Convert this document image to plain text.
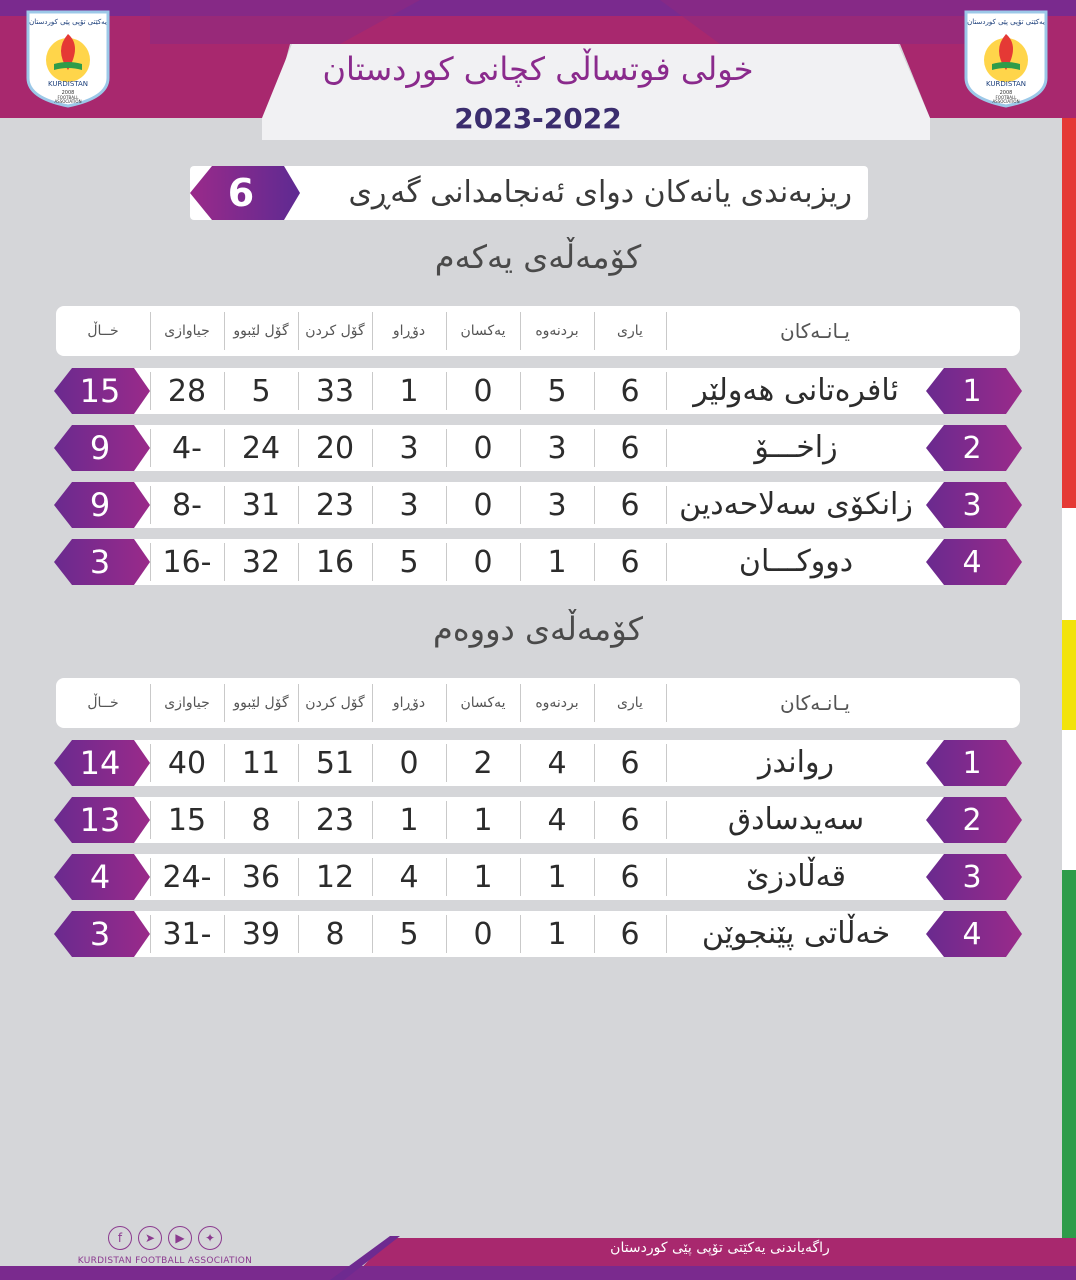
یەکێتی تۆپی پێی کوردستان
KURDISTAN
2008
FOOTBALL
ASSOCIATION
یەکێتی تۆپی پێی کوردستان
KURDISTAN
2008
FOOTBALL
ASSOCIATION
خولی فوتسالٚی کچانی کوردستان
2023-2022
6	ریزبەندی یانەکان دوای ئەنجامدانی گەڕی
کۆمەڵەی یەکەم
خــاڵ	جیاوازی	گۆل لێبوو	گۆل کردن	دۆڕاو	یەکسان	بردنەوە	یاری	یـانـەکان
15	28	5	33	1	0	5	6	ئافرەتانی هەولێر	1
9	4-	24	20	3	0	3	6	زاخـــۆ	2
9	8-	31	23	3	0	3	6	زانکۆی سەلاحەدین	3
3	16-	32	16	5	0	1	6	دووکـــان	4
کۆمەڵەی دووەم
خــاڵ	جیاوازی	گۆل لێبوو	گۆل کردن	دۆڕاو	یەکسان	بردنەوە	یاری	یـانـەکان
14	40	11	51	0	2	4	6	رواندز	1
13	15	8	23	1	1	4	6	سەیدسادق	2
4	24-	36	12	4	1	1	6	قەڵادزێ	3
3	31-	39	8	5	0	1	6	خەڵاتی پێنجوێن	4
راگەیاندنی یەکێتی تۆپی پێی کوردستان
f	➤	▶	✦
KURDISTAN FOOTBALL ASSOCIATION
